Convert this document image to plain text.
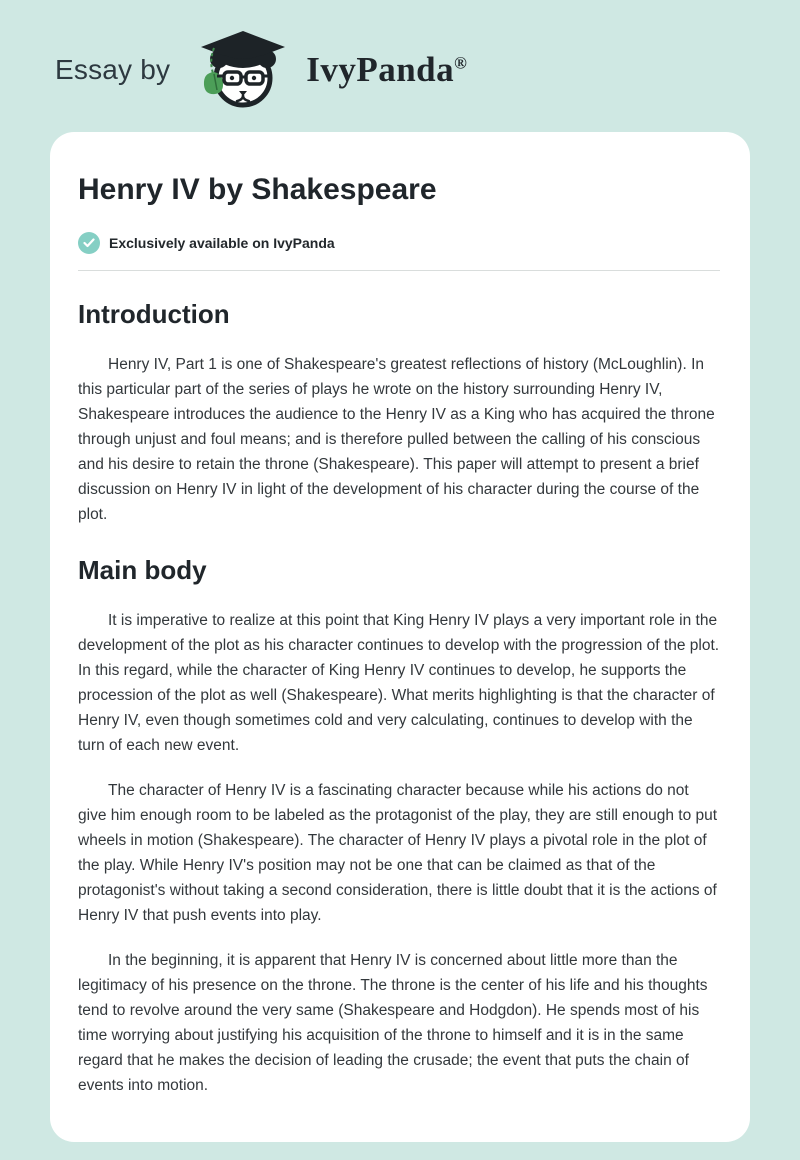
Essay by	IvyPanda®
Henry IV by Shakespeare
Exclusively available on IvyPanda
Introduction

Henry IV, Part 1 is one of Shakespeare's greatest reflections of history (McLoughlin). In this particular part of the series of plays he wrote on the history surrounding Henry IV, Shakespeare introduces the audience to the Henry IV as a King who has acquired the throne through unjust and foul means; and is therefore pulled between the calling of his conscious and his desire to retain the throne (Shakespeare). This paper will attempt to present a brief discussion on Henry IV in light of the development of his character during the course of the plot.

Main body

It is imperative to realize at this point that King Henry IV plays a very important role in the development of the plot as his character continues to develop with the progression of the plot. In this regard, while the character of King Henry IV continues to develop, he supports the procession of the plot as well (Shakespeare). What merits highlighting is that the character of Henry IV, even though sometimes cold and very calculating, continues to develop with the turn of each new event.

The character of Henry IV is a fascinating character because while his actions do not give him enough room to be labeled as the protagonist of the play, they are still enough to put wheels in motion (Shakespeare). The character of Henry IV plays a pivotal role in the plot of the play. While Henry IV's position may not be one that can be claimed as that of the protagonist's without taking a second consideration, there is little doubt that it is the actions of Henry IV that push events into play.

In the beginning, it is apparent that Henry IV is concerned about little more than the legitimacy of his presence on the throne. The throne is the center of his life and his thoughts tend to revolve around the very same (Shakespeare and Hodgdon). He spends most of his time worrying about justifying his acquisition of the throne to himself and it is in the same regard that he makes the decision of leading the crusade; the event that puts the chain of events into motion.
